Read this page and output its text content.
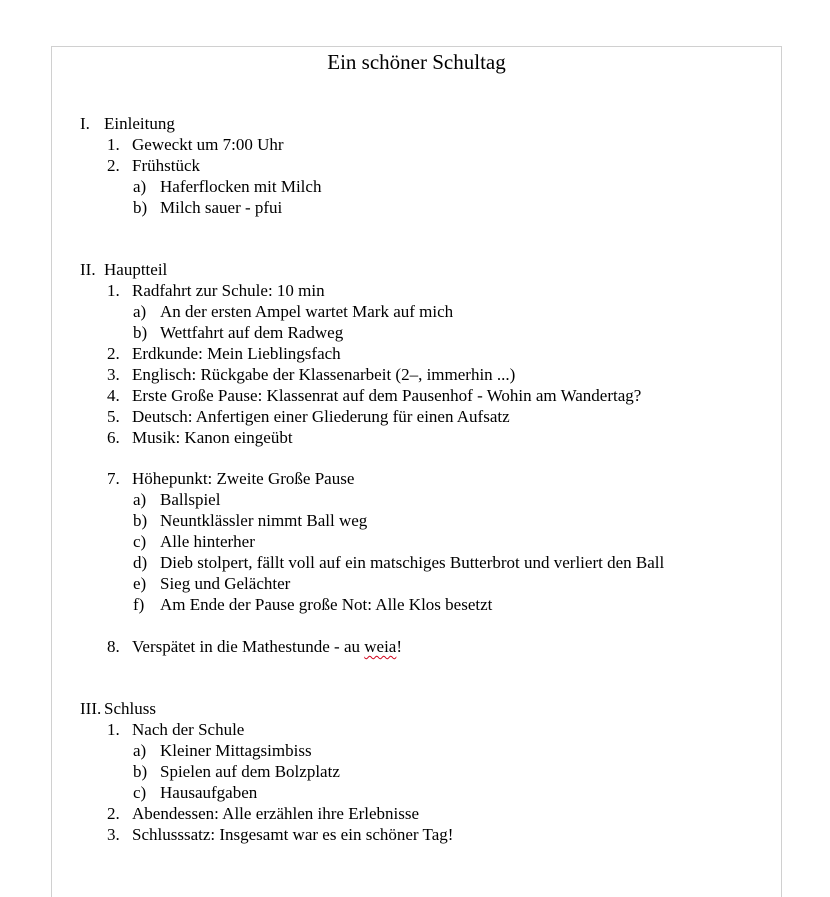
Ein schöner Schultag
I. Einleitung
1. Geweckt um 7:00 Uhr
2. Frühstück
a) Haferflocken mit Milch
b) Milch sauer - pfui
II. Hauptteil
1. Radfahrt zur Schule: 10 min
a) An der ersten Ampel wartet Mark auf mich
b) Wettfahrt auf dem Radweg
2. Erdkunde: Mein Lieblingsfach
3. Englisch: Rückgabe der Klassenarbeit (2–, immerhin ...)
4. Erste Große Pause: Klassenrat auf dem Pausenhof - Wohin am Wandertag?
5. Deutsch: Anfertigen einer Gliederung für einen Aufsatz
6. Musik: Kanon eingeübt
7. Höhepunkt: Zweite Große Pause
a) Ballspiel
b) Neuntklässler nimmt Ball weg
c) Alle hinterher
d) Dieb stolpert, fällt voll auf ein matschiges Butterbrot und verliert den Ball
e) Sieg und Gelächter
f) Am Ende der Pause große Not: Alle Klos besetzt
8. Verspätet in die Mathestunde - au weia!
III. Schluss
1. Nach der Schule
a) Kleiner Mittagsimbiss
b) Spielen auf dem Bolzplatz
c) Hausaufgaben
2. Abendessen: Alle erzählen ihre Erlebnisse
3. Schlusssatz: Insgesamt war es ein schöner Tag!
